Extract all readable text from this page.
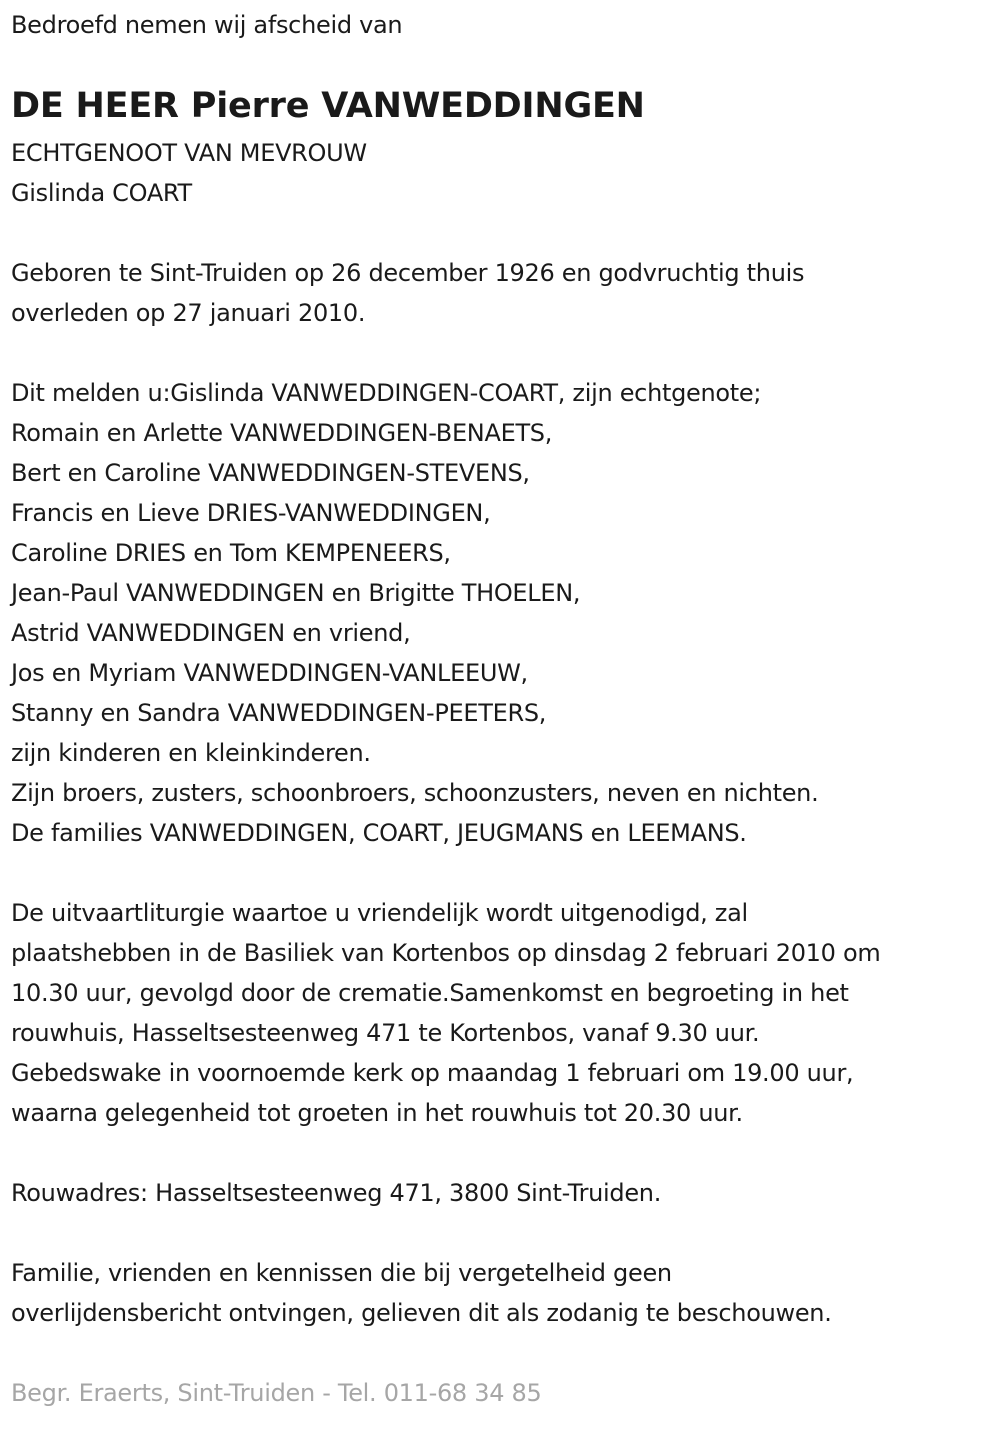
Bedroefd nemen wij afscheid van
DE HEER Pierre VANWEDDINGEN
ECHTGENOOT VAN MEVROUW
Gislinda COART
Geboren te Sint-Truiden op 26 december 1926 en godvruchtig thuis
overleden op 27 januari 2010.
Dit melden u:Gislinda VANWEDDINGEN-COART, zijn echtgenote;
Romain en Arlette VANWEDDINGEN-BENAETS,
Bert en Caroline VANWEDDINGEN-STEVENS,
Francis en Lieve DRIES-VANWEDDINGEN,
Caroline DRIES en Tom KEMPENEERS,
Jean-Paul VANWEDDINGEN en Brigitte THOELEN,
Astrid VANWEDDINGEN en vriend,
Jos en Myriam VANWEDDINGEN-VANLEEUW,
Stanny en Sandra VANWEDDINGEN-PEETERS,
zijn kinderen en kleinkinderen.
Zijn broers, zusters, schoonbroers, schoonzusters, neven en nichten.
De families VANWEDDINGEN, COART, JEUGMANS en LEEMANS.
De uitvaartliturgie waartoe u vriendelijk wordt uitgenodigd, zal
plaatshebben in de Basiliek van Kortenbos op dinsdag 2 februari 2010 om
10.30 uur, gevolgd door de crematie.Samenkomst en begroeting in het
rouwhuis, Hasseltsesteenweg 471 te Kortenbos, vanaf 9.30 uur.
Gebedswake in voornoemde kerk op maandag 1 februari om 19.00 uur,
waarna gelegenheid tot groeten in het rouwhuis tot 20.30 uur.
Rouwadres: Hasseltsesteenweg 471, 3800 Sint-Truiden.
Familie, vrienden en kennissen die bij vergetelheid geen
overlijdensbericht ontvingen, gelieven dit als zodanig te beschouwen.
Begr. Eraerts, Sint-Truiden - Tel. 011-68 34 85
